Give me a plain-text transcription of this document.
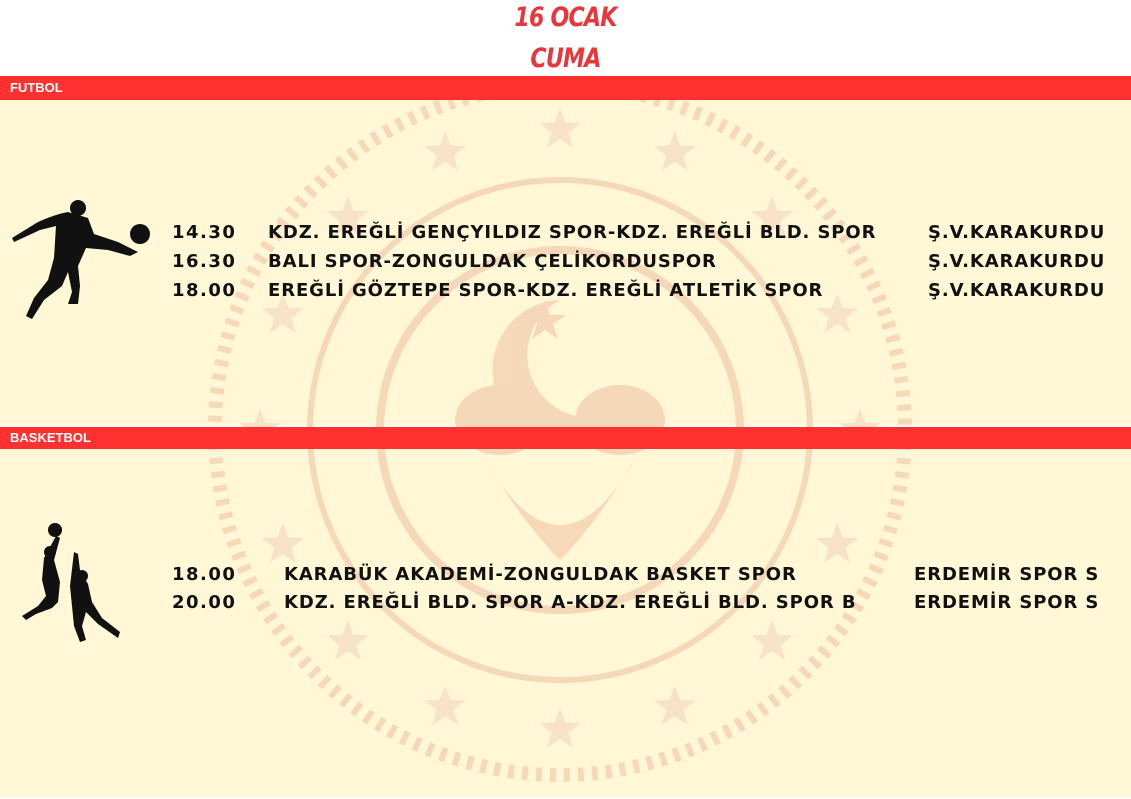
16 OCAK
CUMA
FUTBOL
BASKETBOL
14.30 KDZ. EREĞLİ GENÇYILDIZ SPOR-KDZ. EREĞLİ BLD. SPOR	Ş.V.KARAKURDU
16.30 BALI SPOR-ZONGULDAK ÇELİKORDUSPOR	Ş.V.KARAKURDU
18.00 EREĞLİ GÖZTEPE SPOR-KDZ. EREĞLİ ATLETİK SPOR	Ş.V.KARAKURDU
18.00	KARABÜK AKADEMİ-ZONGULDAK BASKET SPOR	ERDEMİR SPOR S
20.00	KDZ. EREĞLİ BLD. SPOR A-KDZ. EREĞLİ BLD. SPOR B	ERDEMİR SPOR S
